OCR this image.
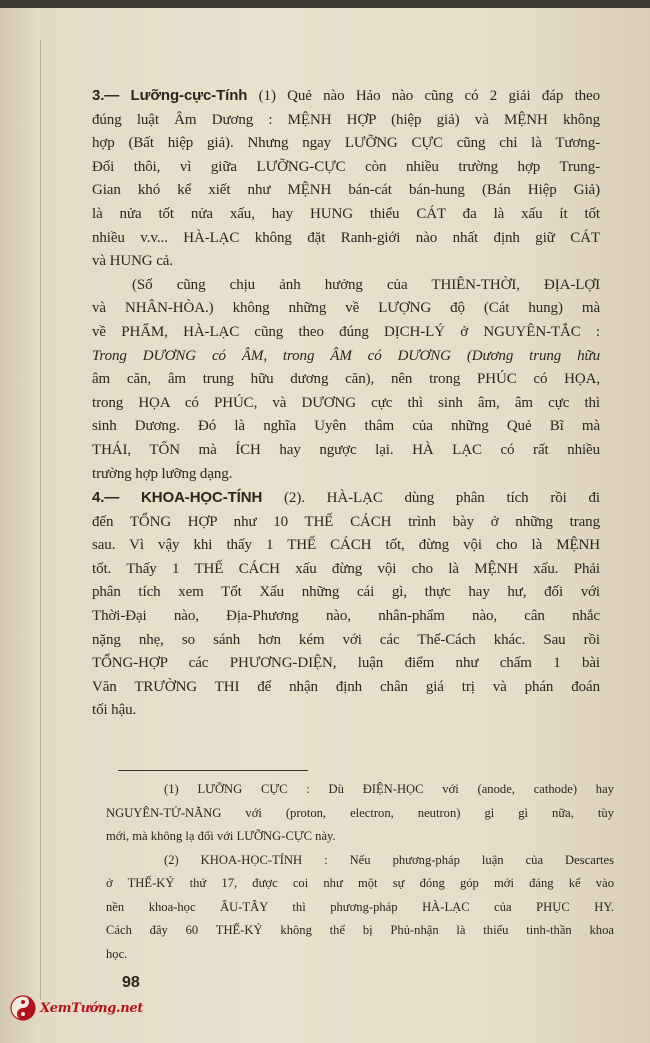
3.— Lưỡng-cực-Tính (1) Quẻ nào Hảo nào cũng có 2 giải đáp theo
đúng luật Âm Dương : MỆNH HỢP (hiệp giả) và MỆNH không
hợp (Bất hiệp giả). Nhưng ngay LƯỠNG CỰC cũng chỉ là Tương-
Đối thôi, vì giữa LƯỠNG-CỰC còn nhiều trường hợp Trung-
Gian khó kể xiết như MỆNH bán-cát bán-hung (Bán Hiệp Giả)
là nửa tốt nửa xấu, hay HUNG thiểu CÁT đa là xấu ít tốt
nhiều v.v... HÀ-LẠC không đặt Ranh-giới nào nhất định giữ CÁT
và HUNG cả.
(Số cũng chịu ảnh hưởng của THIÊN-THỜI, ĐỊA-LỢI
và NHÂN-HÒA.) không những về LƯỢNG độ (Cát hung) mà
về PHẨM, HÀ-LẠC cũng theo đúng DỊCH-LÝ ở NGUYÊN-TẮC :
Trong DƯƠNG có ÂM, trong ÂM có DƯƠNG (Dương trung hữu
âm căn, âm trung hữu dương căn), nên trong PHÚC có HỌA,
trong HỌA có PHÚC, và DƯƠNG cực thì sinh âm, âm cực thì
sinh Dương. Đó là nghĩa Uyên thâm của những Quẻ Bĩ mà
THÁI, TỐN mà ÍCH hay ngược lại. HÀ LẠC có rất nhiều
trường hợp lưỡng dạng.
4.— KHOA-HỌC-TÍNH (2). HÀ-LẠC dùng phân tích rồi đi
đến TỔNG HỢP như 10 THẾ CÁCH trình bày ở những trang
sau. Vì vậy khi thấy 1 THẾ CÁCH tốt, đừng vội cho là MỆNH
tốt. Thấy 1 THẾ CÁCH xấu đừng vội cho là MỆNH xấu. Phải
phân tích xem Tốt Xấu những cái gì, thực hay hư, đối với
Thời-Đại nào, Địa-Phương nào, nhân-phẩm nào, cân nhắc
nặng nhẹ, so sánh hơn kém với các Thế-Cách khác. Sau rồi
TỔNG-HỢP các PHƯƠNG-DIỆN, luận điểm như chấm 1 bài
Văn TRƯỜNG THI để nhận định chân giá trị và phán đoán
tối hậu.
(1) LƯỠNG CỰC : Dù ĐIỆN-HỌC với (anode, cathode) hay
NGUYÊN-TỬ-NĂNG với (proton, electron, neutron) gì gì nữa, tùy
mới, mà không lạ đối với LƯỠNG-CỰC này.
(2) KHOA-HỌC-TÍNH : Nếu phương-pháp luận của Descartes
ở THẾ-KỶ thứ 17, được coi như một sự đóng góp mới đáng kể vào
nền khoa-học ÂU-TÂY thì phương-pháp HÀ-LẠC của PHỤC HY.
Cách đây 60 THẾ-KỶ không thể bị Phủ-nhận là thiếu tinh-thần khoa
học.
98
XemTướng.net
